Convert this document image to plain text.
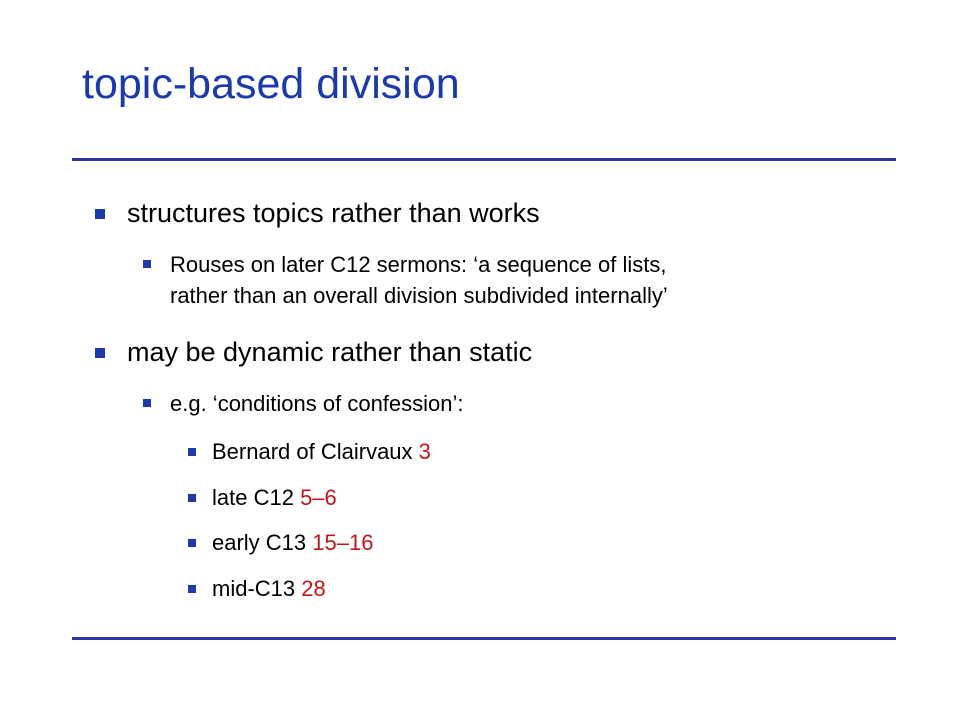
topic-based division
structures topics rather than works
Rouses on later C12 sermons: ‘a sequence of lists,
rather than an overall division subdivided internally’
may be dynamic rather than static
e.g. ‘conditions of confession’:
Bernard of Clairvaux 3
late C12 5–6
early C13 15–16
mid-C13 28
